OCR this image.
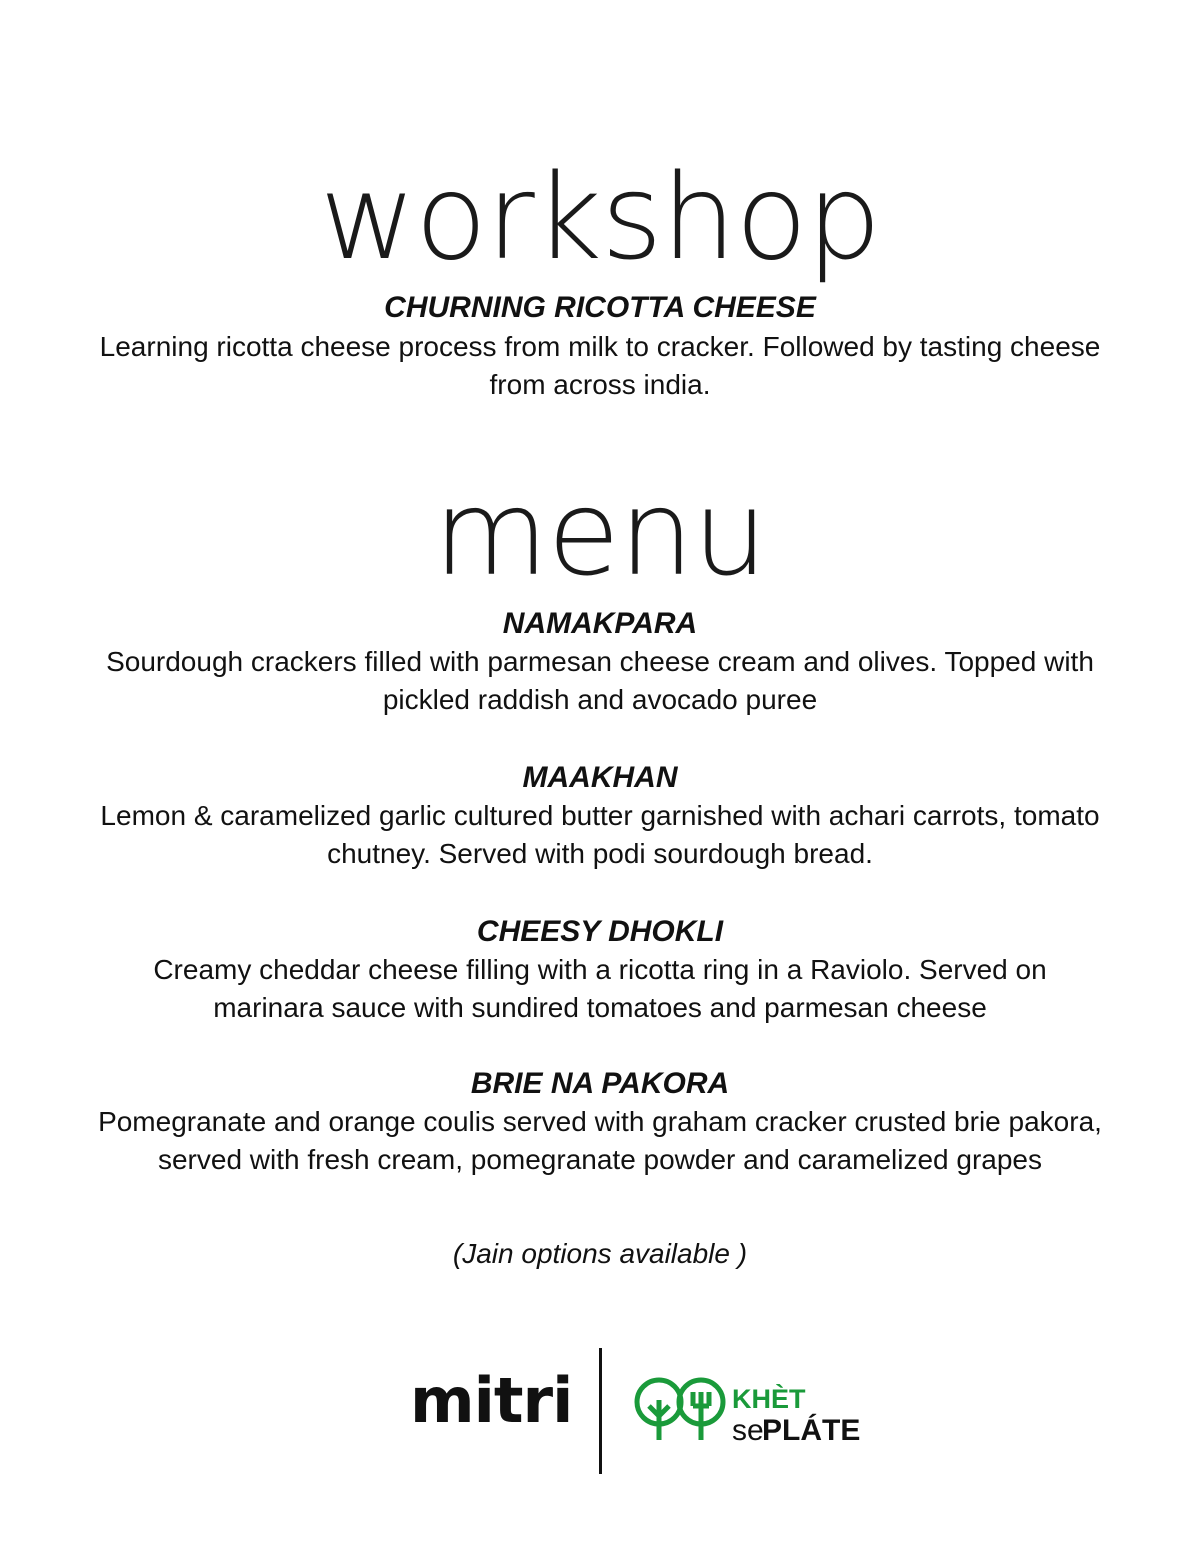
workshop
CHURNING RICOTTA CHEESE

Learning ricotta cheese process from milk to cracker. Followed by tasting cheese from across india.

menu
NAMAKPARA

Sourdough crackers filled with parmesan cheese cream and olives. Topped with pickled raddish and avocado puree

MAAKHAN

Lemon & caramelized garlic cultured butter garnished with achari carrots, tomato chutney. Served with podi sourdough bread.

CHEESY DHOKLI

Creamy cheddar cheese filling with a ricotta ring in a Raviolo. Served on marinara sauce with sundired tomatoes and parmesan cheese

BRIE NA PAKORA

Pomegranate and orange coulis served with graham cracker crusted brie pakora, served with fresh cream, pomegranate powder and caramelized grapes

(Jain options available )
mitri	KHÈT
se
PLÁTE
